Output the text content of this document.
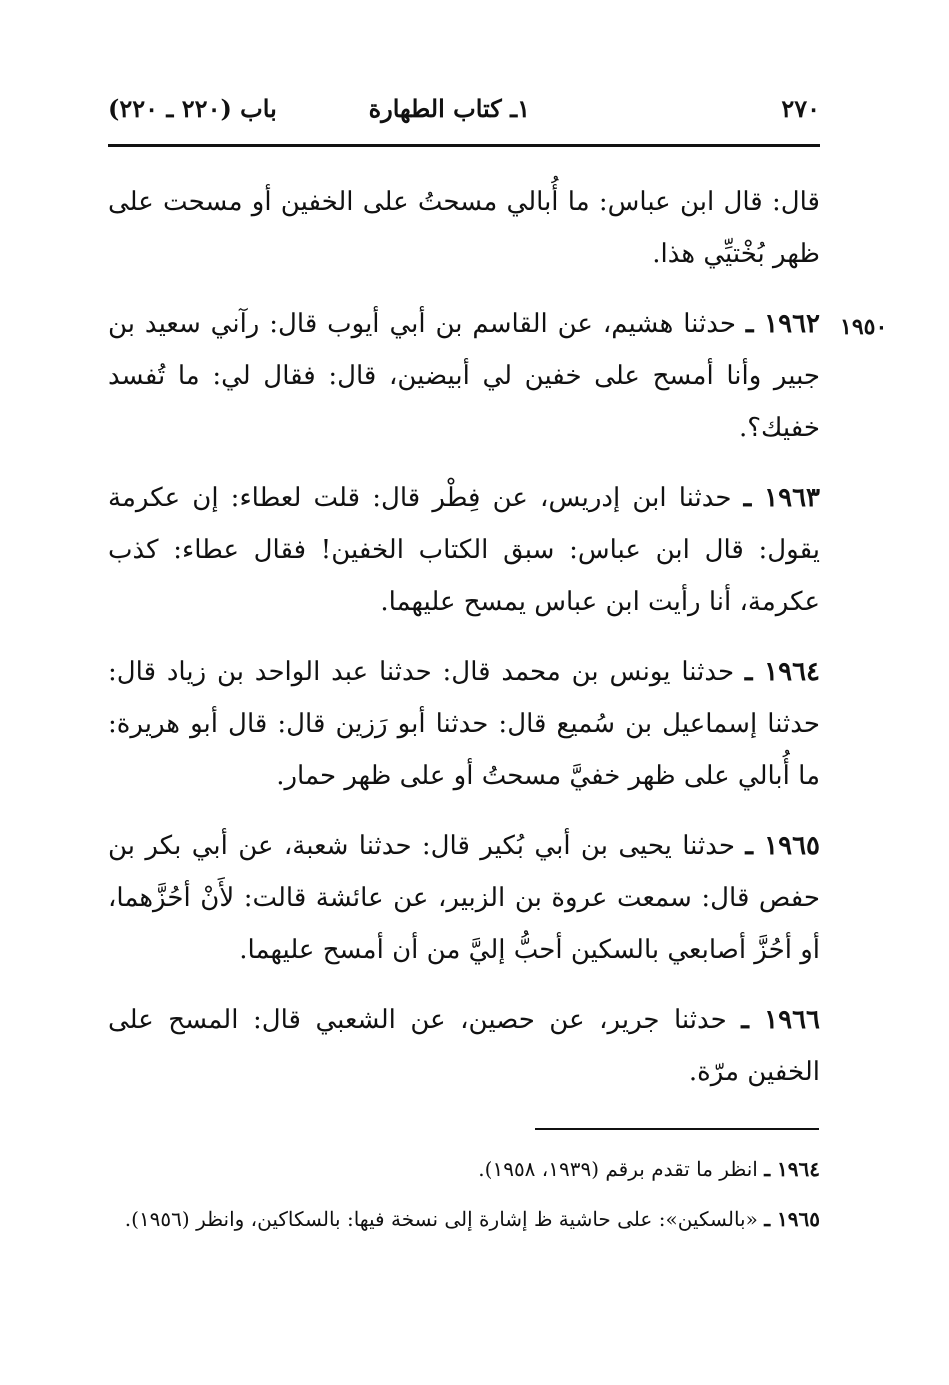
٢٧٠
١ـ كتاب الطهارة
باب (٢٢٠ ـ ٢٢٠)
١٩٥٠

قال: قال ابن عباس: ما أُبالي مسحتُ على الخفين أو مسحت على ظهر بُخْتيِّي هذا.

١٩٦٢ ـ حدثنا هشيم، عن القاسم بن أبي أيوب قال: رآني سعيد بن جبير وأنا أمسح على خفين لي أبيضين، قال: فقال لي: ما تُفسد خفيك؟.

١٩٦٣ ـ حدثنا ابن إدريس، عن فِطْر قال: قلت لعطاء: إن عكرمة يقول: قال ابن عباس: سبق الكتاب الخفين! فقال عطاء: كذب عكرمة، أنا رأيت ابن عباس يمسح عليهما.

١٩٦٤ ـ حدثنا يونس بن محمد قال: حدثنا عبد الواحد بن زياد قال: حدثنا إسماعيل بن سُميع قال: حدثنا أبو رَزين قال: قال أبو هريرة: ما أُبالي على ظهر خفيَّ مسحتُ أو على ظهر حمار.

١٩٦٥ ـ حدثنا يحيى بن أبي بُكير قال: حدثنا شعبة، عن أبي بكر بن حفص قال: سمعت عروة بن الزبير، عن عائشة قالت: لأَنْ أحُزَّهما، أو أحُزَّ أصابعي بالسكين أحبُّ إليَّ من أن أمسح عليهما.

١٩٦٦ ـ حدثنا جرير، عن حصين، عن الشعبي قال: المسح على الخفين مرّة.

١٩٦٤ ـ انظر ما تقدم برقم (١٩٣٩، ١٩٥٨).

١٩٦٥ ـ «بالسكين»: على حاشية ظ إشارة إلى نسخة فيها: بالسكاكين، وانظر (١٩٥٦).
